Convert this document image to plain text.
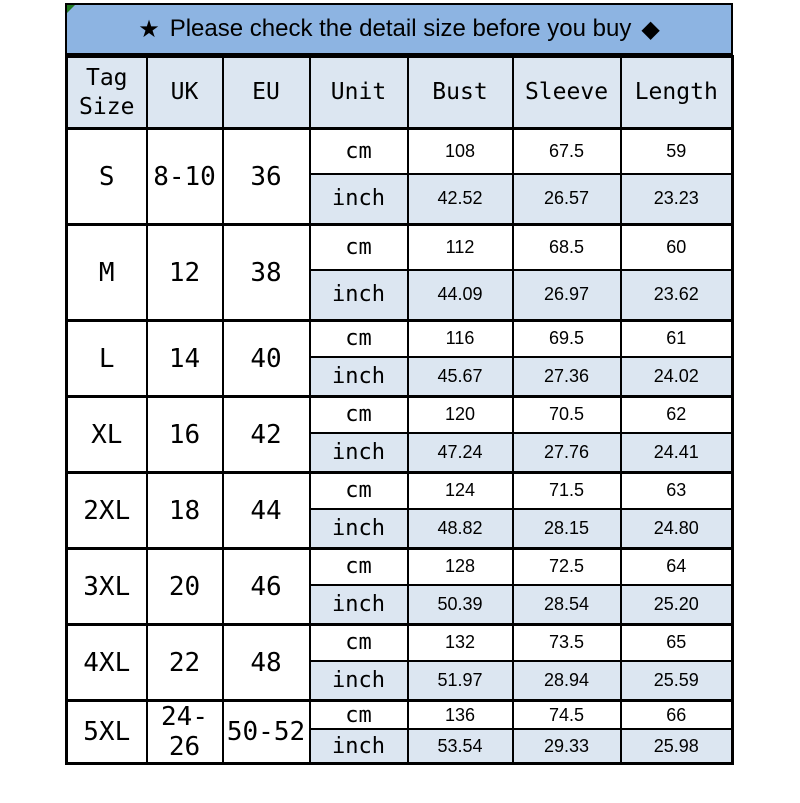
★ Please check the detail size before you buy ◆
Tag Size	UK	EU	Unit	Bust	Sleeve	Length
S	8-10	36	cm	108	67.5	59
			inch	42.52	26.57	23.23
M	12	38	cm	112	68.5	60
			inch	44.09	26.97	23.62
L	14	40	cm	116	69.5	61
			inch	45.67	27.36	24.02
XL	16	42	cm	120	70.5	62
			inch	47.24	27.76	24.41
2XL	18	44	cm	124	71.5	63
			inch	48.82	28.15	24.80
3XL	20	46	cm	128	72.5	64
			inch	50.39	28.54	25.20
4XL	22	48	cm	132	73.5	65
			inch	51.97	28.94	25.59
5XL	24-26	50-52	cm	136	74.5	66
			inch	53.54	29.33	25.98
